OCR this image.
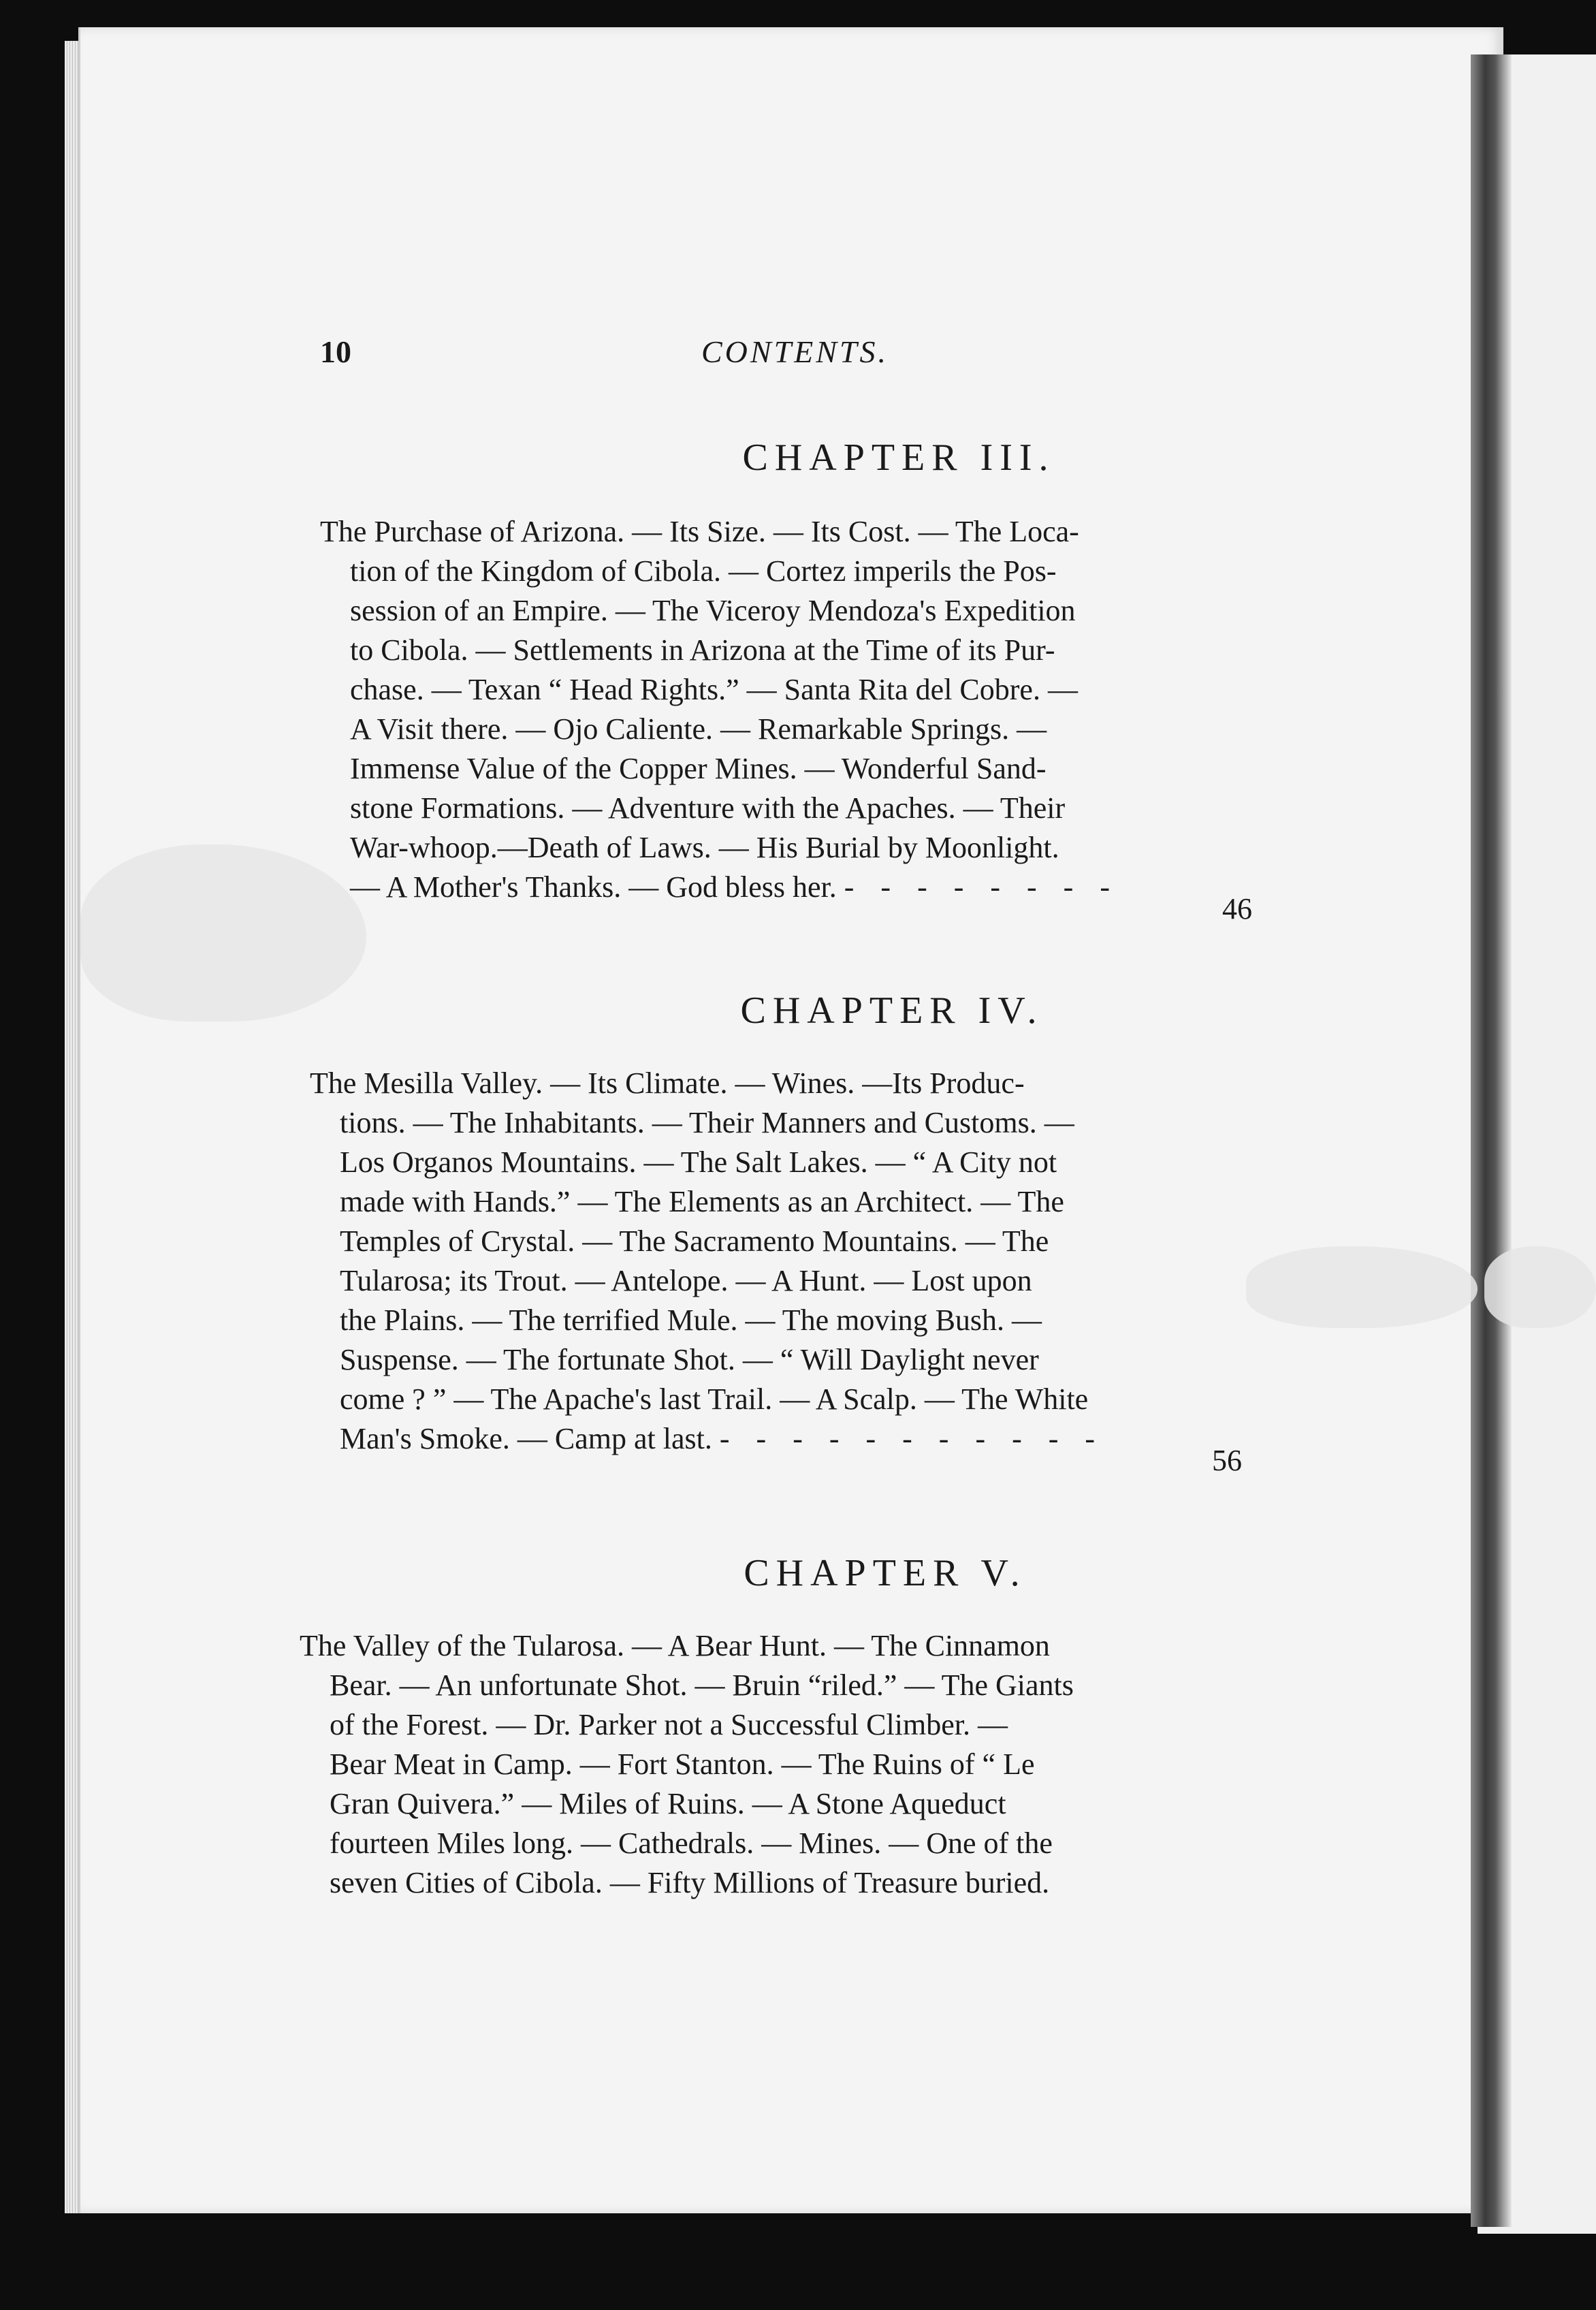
10	CONTENTS.
CHAPTER III.
The Purchase of Arizona. — Its Size. — Its Cost. — The Loca-
tion of the Kingdom of Cibola. — Cortez imperils the Pos-
session of an Empire. — The Viceroy Mendoza's Expedition
to Cibola. — Settlements in Arizona at the Time of its Pur-
chase. — Texan “ Head Rights.” — Santa Rita del Cobre. —
A Visit there. — Ojo Caliente. — Remarkable Springs. —
Immense Value of the Copper Mines. — Wonderful Sand-
stone Formations. — Adventure with the Apaches. — Their
War-whoop.—Death of Laws. — His Burial by Moonlight.
— A Mother's Thanks. — God bless her. - - - - - - - -
46
CHAPTER IV.
The Mesilla Valley. — Its Climate. — Wines. —Its Produc-
tions. — The Inhabitants. — Their Manners and Customs. —
Los Organos Mountains. — The Salt Lakes. — “ A City not
made with Hands.” — The Elements as an Architect. — The
Temples of Crystal. — The Sacramento Mountains. — The
Tularosa; its Trout. — Antelope. — A Hunt. — Lost upon
the Plains. — The terrified Mule. — The moving Bush. —
Suspense. — The fortunate Shot. — “ Will Daylight never
come ? ” — The Apache's last Trail. — A Scalp. — The White
Man's Smoke. — Camp at last. - - - - - - - - - - -
56
CHAPTER V.
The Valley of the Tularosa. — A Bear Hunt. — The Cinnamon
Bear. — An unfortunate Shot. — Bruin “riled.” — The Giants
of the Forest. — Dr. Parker not a Successful Climber. —
Bear Meat in Camp. — Fort Stanton. — The Ruins of “ Le
Gran Quivera.” — Miles of Ruins. — A Stone Aqueduct
fourteen Miles long. — Cathedrals. — Mines. — One of the
seven Cities of Cibola. — Fifty Millions of Treasure buried.
